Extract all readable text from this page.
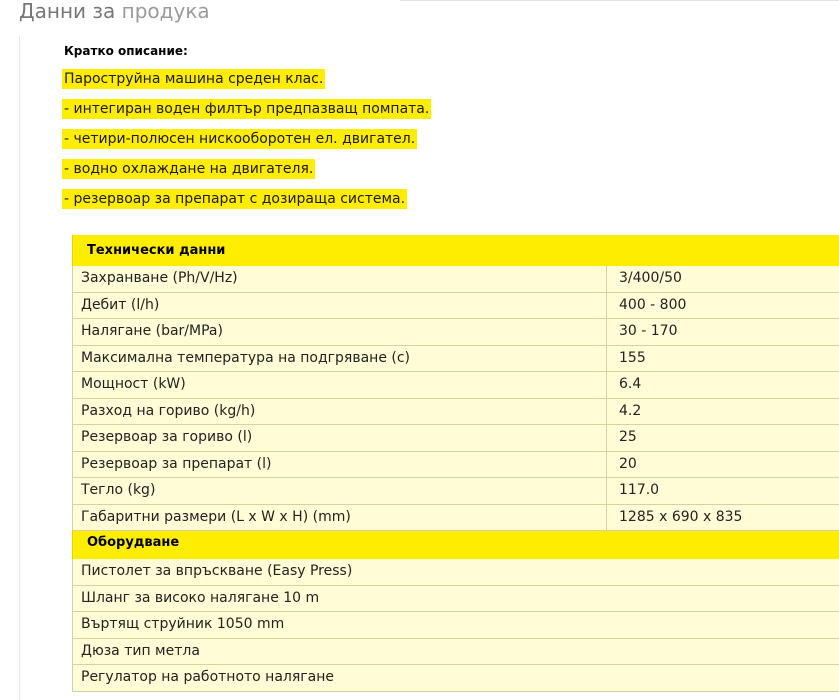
Данни за продука
Кратко описание:
Пароструйна машина среден клас.
- интегиран воден филтър предпазващ помпата.
- четири-полюсен нискооборотен ел. двигател.
- водно охлаждане на двигателя.
- резервоар за препарат с дозираща система.
Технически данни
Захранване (Ph/V/Hz)	3/400/50
Дебит (l/h)	400 - 800
Налягане (bar/MPa)	30 - 170
Максимална температура на подгряване (c)	155
Мощност (kW)	6.4
Разход на гориво (kg/h)	4.2
Резервоар за гориво (l)	25
Резервоар за препарат (l)	20
Тегло (kg)	117.0
Габаритни размери (L x W x H) (mm)	1285 x 690 x 835
Оборудване
Пистолет за впръскване (Easy Press)
Шланг за високо налягане 10 m
Въртящ струйник 1050 mm
Дюза тип метла
Регулатор на работното налягане
